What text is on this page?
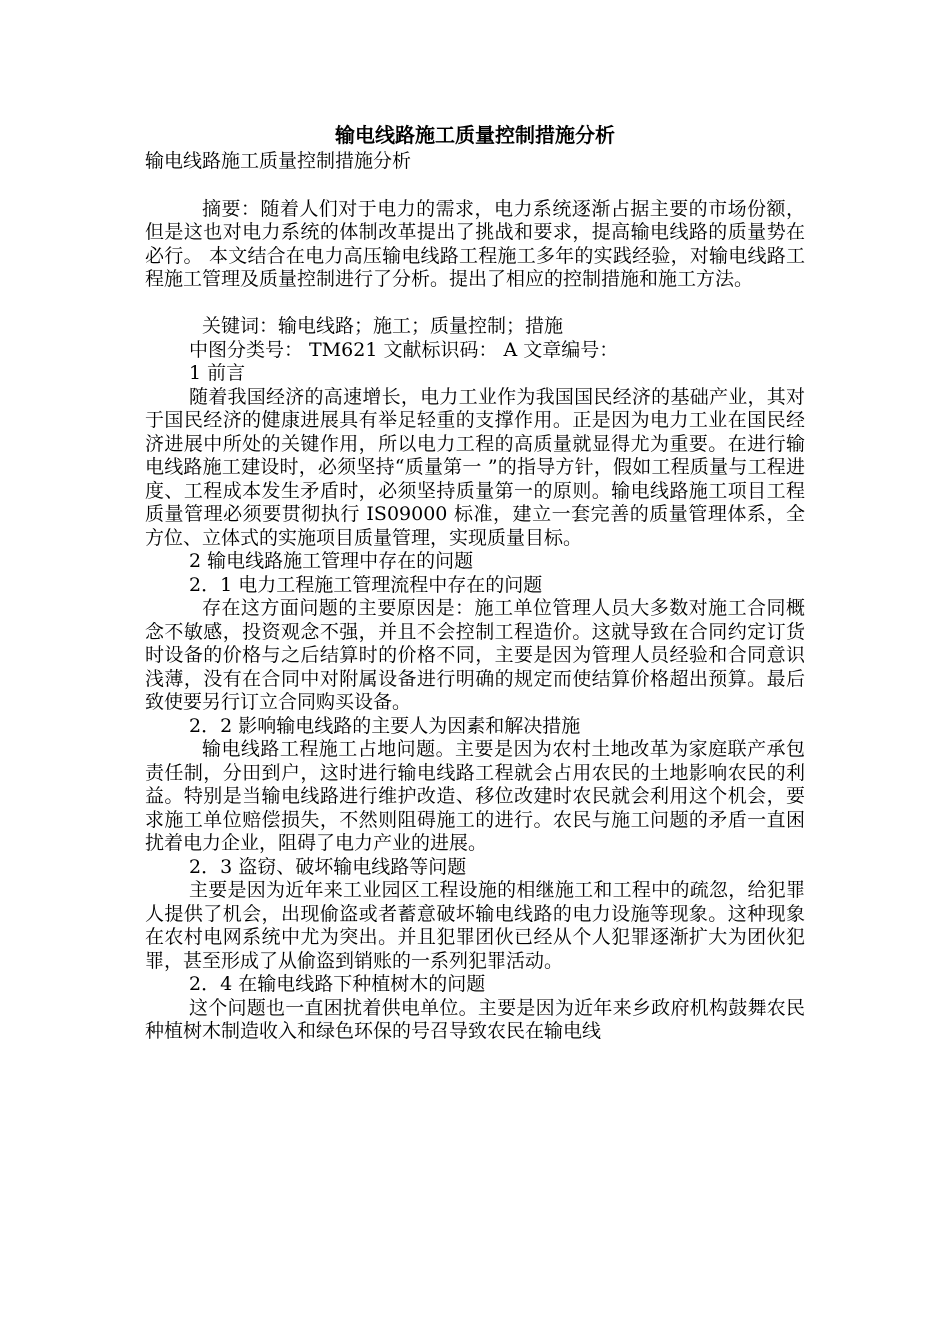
输电线路施工质量控制措施分析

输电线路施工质量控制措施分析

摘要：随着人们对于电力的需求，电力系统逐渐占据主要的市场份额，但是这也对电力系统的体制改革提出了挑战和要求，提高输电线路的质量势在必行。 本文结合在电力高压输电线路工程施工多年的实践经验，对输电线路工程施工管理及质量控制进行了分析。提出了相应的控制措施和施工方法。

关键词：输电线路；施工；质量控制；措施

中图分类号： TM621 文献标识码： A 文章编号：

1 前言

随着我国经济的高速增长，电力工业作为我国国民经济的基础产业，其对于国民经济的健康进展具有举足轻重的支撑作用。正是因为电力工业在国民经济进展中所处的关键作用，所以电力工程的高质量就显得尤为重要。在进行输电线路施工建设时，必须坚持“质量第一 ”的指导方针，假如工程质量与工程进度、工程成本发生矛盾时，必须坚持质量第一的原则。输电线路施工项目工程质量管理必须要贯彻执行 IS09000 标准，建立一套完善的质量管理体系，全方位、立体式的实施项目质量管理，实现质量目标。

2 输电线路施工管理中存在的问题

2．1 电力工程施工管理流程中存在的问题

存在这方面问题的主要原因是：施工单位管理人员大多数对施工合同概念不敏感，投资观念不强，并且不会控制工程造价。这就导致在合同约定订货时设备的价格与之后结算时的价格不同，主要是因为管理人员经验和合同意识浅薄，没有在合同中对附属设备进行明确的规定而使结算价格超出预算。最后致使要另行订立合同购买设备。

2．2 影响输电线路的主要人为因素和解决措施

输电线路工程施工占地问题。主要是因为农村土地改革为家庭联产承包责任制，分田到户，这时进行输电线路工程就会占用农民的土地影响农民的利益。特别是当输电线路进行维护改造、移位改建时农民就会利用这个机会，要求施工单位赔偿损失，不然则阻碍施工的进行。农民与施工问题的矛盾一直困扰着电力企业，阻碍了电力产业的进展。

2．3 盗窃、破坏输电线路等问题

主要是因为近年来工业园区工程设施的相继施工和工程中的疏忽，给犯罪人提供了机会，出现偷盗或者蓄意破坏输电线路的电力设施等现象。这种现象在农村电网系统中尤为突出。并且犯罪团伙已经从个人犯罪逐渐扩大为团伙犯罪，甚至形成了从偷盗到销账的一系列犯罪活动。

2．4 在输电线路下种植树木的问题

这个问题也一直困扰着供电单位。主要是因为近年来乡政府机构鼓舞农民种植树木制造收入和绿色环保的号召导致农民在输电线
